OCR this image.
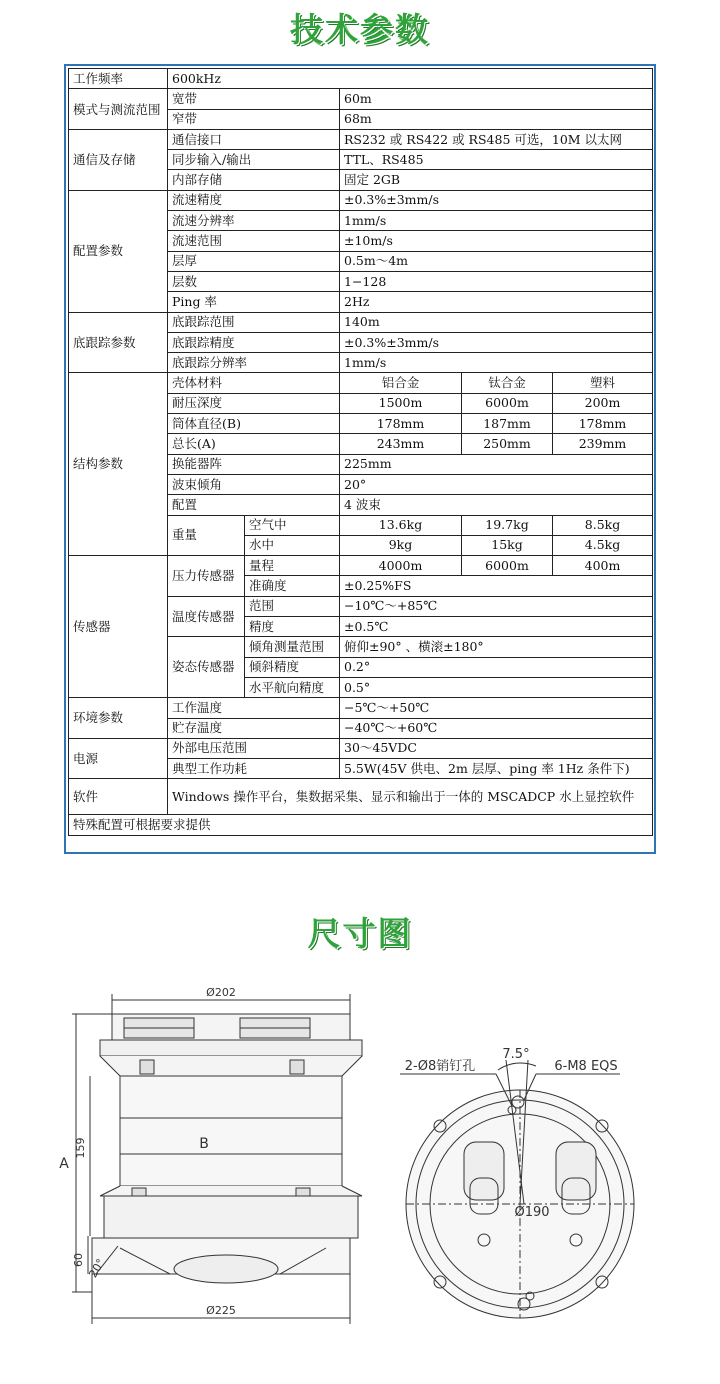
技术参数
工作频率	600kHz				
模式与测流范围	宽带		60m		
	窄带		68m		
通信及存储	通信接口		RS232 或 RS422 或 RS485 可选，10M 以太网		
	同步输入/输出		TTL、RS485		
	内部存储		固定 2GB		
配置参数	流速精度		±0.3%±3mm/s		
	流速分辨率		1mm/s		
	流速范围		±10m/s		
	层厚		0.5m～4m		
	层数		1−128		
	Ping 率		2Hz		
底跟踪参数	底跟踪范围		140m		
	底跟踪精度		±0.3%±3mm/s		
	底跟踪分辨率		1mm/s		
结构参数	壳体材料		铝合金	钛合金	塑料
	耐压深度		1500m	6000m	200m
	筒体直径(B)		178mm	187mm	178mm
	总长(A)		243mm	250mm	239mm
	换能器阵		225mm		
	波束倾角		20°		
	配置		4 波束		
	重量	空气中	13.6kg	19.7kg	8.5kg
		水中	9kg	15kg	4.5kg
传感器	压力传感器	量程	4000m	6000m	400m
		准确度	±0.25%FS		
	温度传感器	范围	−10℃～+85℃		
		精度	±0.5℃		
	姿态传感器	倾角测量范围	俯仰±90° 、横滚±180°		
		倾斜精度	0.2°		
		水平航向精度	0.5°		
环境参数	工作温度		−5℃～+50℃		
	贮存温度		−40℃～+60℃		
电源	外部电压范围		30～45VDC		
	典型工作功耗		5.5W(45V 供电、2m 层厚、ping 率 1Hz 条件下)		
软件	Windows 操作平台，集数据采集、显示和输出于一体的 MSCADCP 水上显控软件				
特殊配置可根据要求提供					
尺寸图
Ø202
Ø225
B
A
159
60 20°
2-Ø8销钉孔	6-M8 EQS
7.5°
Ø190
